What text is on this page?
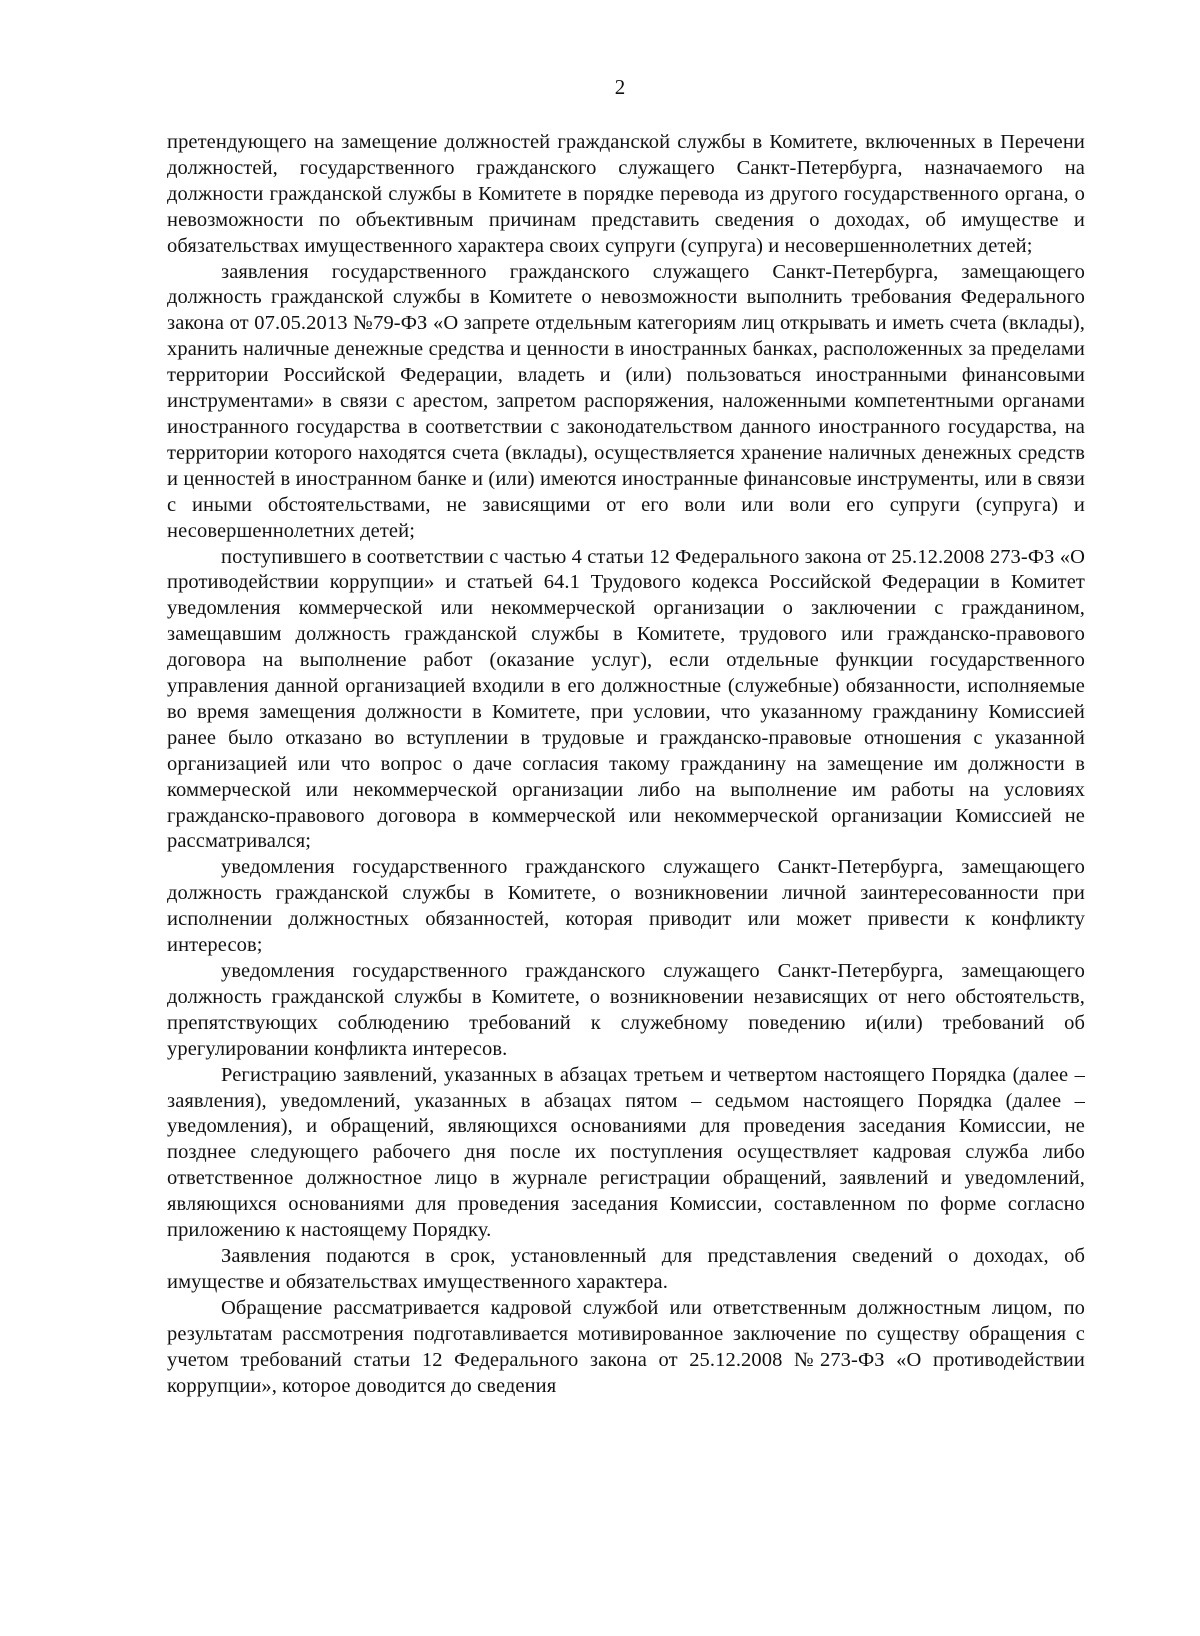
2

претендующего на замещение должностей гражданской службы в Комитете, включенных в Перечени должностей, государственного гражданского служащего Санкт-Петербурга, назначаемого на должности гражданской службы в Комитете в порядке перевода из другого государственного органа, о невозможности по объективным причинам представить сведения о доходах, об имуществе и обязательствах имущественного характера своих супруги (супруга) и несовершеннолетних детей;

заявления государственного гражданского служащего Санкт-Петербурга, замещающего должность гражданской службы в Комитете о невозможности выполнить требования Федерального закона от 07.05.2013 №79-ФЗ «О запрете отдельным категориям лиц открывать и иметь счета (вклады), хранить наличные денежные средства и ценности в иностранных банках, расположенных за пределами территории Российской Федерации, владеть и (или) пользоваться иностранными финансовыми инструментами» в связи с арестом, запретом распоряжения, наложенными компетентными органами иностранного государства в соответствии с законодательством данного иностранного государства, на территории которого находятся счета (вклады), осуществляется хранение наличных денежных средств и ценностей в иностранном банке и (или) имеются иностранные финансовые инструменты, или в связи с иными обстоятельствами, не зависящими от его воли или воли его супруги (супруга) и несовершеннолетних детей;

поступившего в соответствии с частью 4 статьи 12 Федерального закона от 25.12.2008 273-ФЗ «О противодействии коррупции» и статьей 64.1 Трудового кодекса Российской Федерации в Комитет уведомления коммерческой или некоммерческой организации о заключении с гражданином, замещавшим должность гражданской службы в Комитете, трудового или гражданско-правового договора на выполнение работ (оказание услуг), если отдельные функции государственного управления данной организацией входили в его должностные (служебные) обязанности, исполняемые во время замещения должности в Комитете, при условии, что указанному гражданину Комиссией ранее было отказано во вступлении в трудовые и гражданско-правовые отношения с указанной организацией или что вопрос о даче согласия такому гражданину на замещение им должности в коммерческой или некоммерческой организации либо на выполнение им работы на условиях гражданско-правового договора в коммерческой или некоммерческой организации Комиссией не рассматривался;

уведомления государственного гражданского служащего Санкт-Петербурга, замещающего должность гражданской службы в Комитете, о возникновении личной заинтересованности при исполнении должностных обязанностей, которая приводит или может привести к конфликту интересов;

уведомления государственного гражданского служащего Санкт-Петербурга, замещающего должность гражданской службы в Комитете, о возникновении независящих от него обстоятельств, препятствующих соблюдению требований к служебному поведению и(или) требований об урегулировании конфликта интересов.

Регистрацию заявлений, указанных в абзацах третьем и четвертом настоящего Порядка (далее – заявления), уведомлений, указанных в абзацах пятом – седьмом настоящего Порядка (далее – уведомления), и обращений, являющихся основаниями для проведения заседания Комиссии, не позднее следующего рабочего дня после их поступления осуществляет кадровая служба либо ответственное должностное лицо в журнале регистрации обращений, заявлений и уведомлений, являющихся основаниями для проведения заседания Комиссии, составленном по форме согласно приложению к настоящему Порядку.

Заявления подаются в срок, установленный для представления сведений о доходах, об имуществе и обязательствах имущественного характера.

Обращение рассматривается кадровой службой или ответственным должностным лицом, по результатам рассмотрения подготавливается мотивированное заключение по существу обращения с учетом требований статьи 12 Федерального закона от 25.12.2008 №273-ФЗ «О противодействии коррупции», которое доводится до сведения
